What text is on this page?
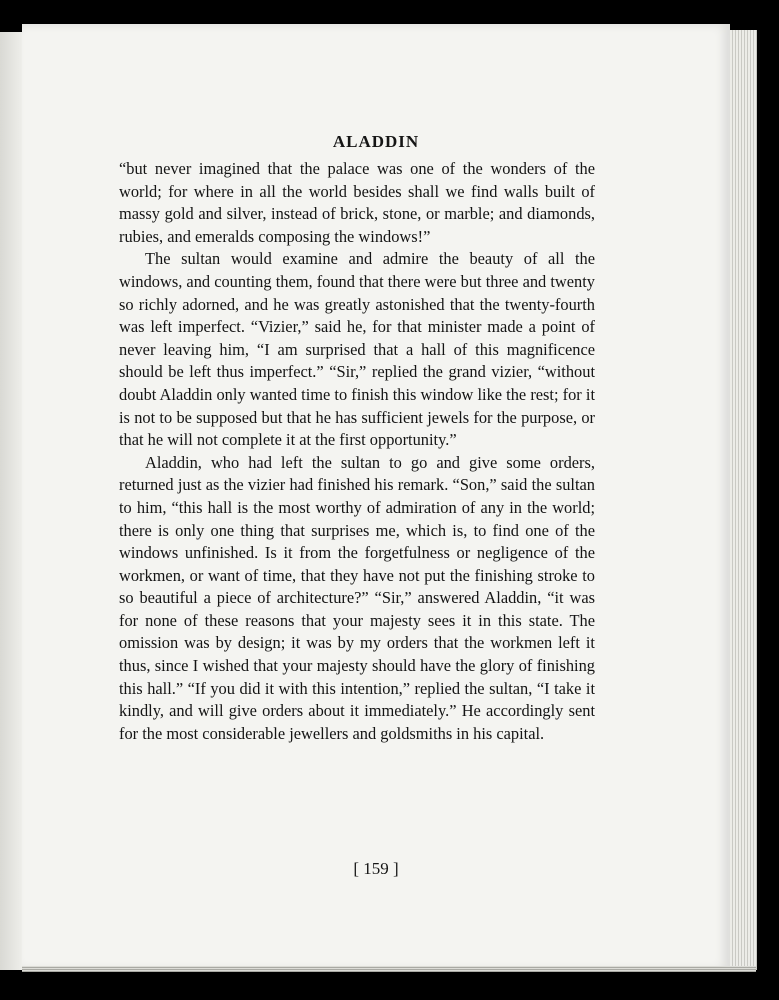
ALADDIN

“but never imagined that the palace was one of the wonders of the world; for where in all the world besides shall we find walls built of massy gold and silver, instead of brick, stone, or marble; and diamonds, rubies, and emeralds composing the windows!”

The sultan would examine and admire the beauty of all the windows, and counting them, found that there were but three and twenty so richly adorned, and he was greatly astonished that the twenty-fourth was left imperfect. “Vizier,” said he, for that minister made a point of never leaving him, “I am surprised that a hall of this magnificence should be left thus imperfect.” “Sir,” replied the grand vizier, “without doubt Aladdin only wanted time to finish this window like the rest; for it is not to be supposed but that he has sufficient jewels for the purpose, or that he will not complete it at the first opportunity.”

Aladdin, who had left the sultan to go and give some orders, returned just as the vizier had finished his remark. “Son,” said the sultan to him, “this hall is the most worthy of admiration of any in the world; there is only one thing that surprises me, which is, to find one of the windows unfinished. Is it from the forgetfulness or negligence of the workmen, or want of time, that they have not put the finishing stroke to so beautiful a piece of architecture?” “Sir,” answered Aladdin, “it was for none of these reasons that your majesty sees it in this state. The omission was by design; it was by my orders that the workmen left it thus, since I wished that your majesty should have the glory of finishing this hall.” “If you did it with this intention,” replied the sultan, “I take it kindly, and will give orders about it immediately.” He accordingly sent for the most considerable jewellers and goldsmiths in his capital.

[ 159 ]
